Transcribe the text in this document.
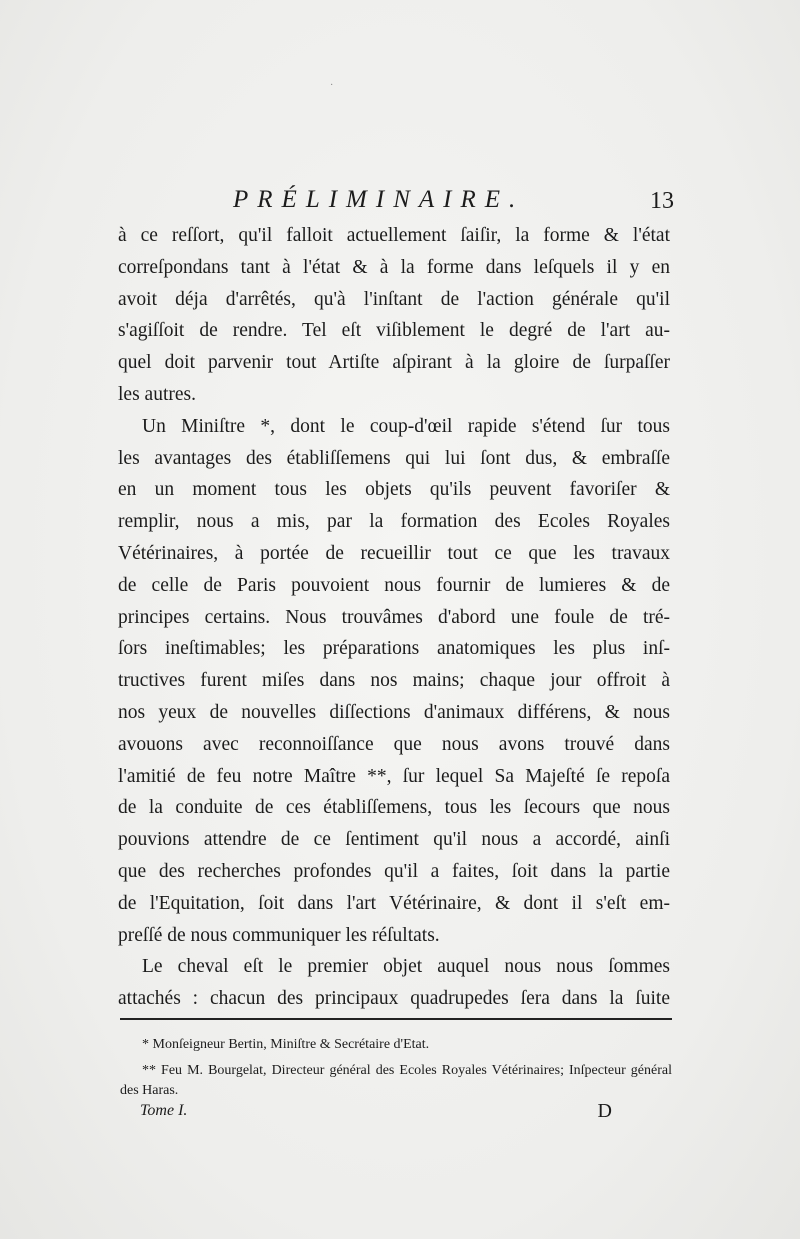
·
PRÉLIMINAIRE.	13

à ce reſſort, qu'il falloit actuellement ſaiſir, la forme & l'état

correſpondans tant à l'état & à la forme dans leſquels il y en

avoit déja d'arrêtés, qu'à l'inſtant de l'action générale qu'il

s'agiſſoit de rendre. Tel eſt viſiblement le degré de l'art au-

quel doit parvenir tout Artiſte aſpirant à la gloire de ſurpaſſer

les autres.

Un Miniſtre *, dont le coup-d'œil rapide s'étend ſur tous

les avantages des établiſſemens qui lui ſont dus, & embraſſe

en un moment tous les objets qu'ils peuvent favoriſer &

remplir, nous a mis, par la formation des Ecoles Royales

Vétérinaires, à portée de recueillir tout ce que les travaux

de celle de Paris pouvoient nous fournir de lumieres & de

principes certains. Nous trouvâmes d'abord une foule de tré-

ſors ineſtimables; les préparations anatomiques les plus inſ-

tructives furent miſes dans nos mains; chaque jour offroit à

nos yeux de nouvelles diſſections d'animaux différens, & nous

avouons avec reconnoiſſance que nous avons trouvé dans

l'amitié de feu notre Maître **, ſur lequel Sa Majeſté ſe repoſa

de la conduite de ces établiſſemens, tous les ſecours que nous

pouvions attendre de ce ſentiment qu'il nous a accordé, ainſi

que des recherches profondes qu'il a faites, ſoit dans la partie

de l'Equitation, ſoit dans l'art Vétérinaire, & dont il s'eſt em-

preſſé de nous communiquer les réſultats.

Le cheval eſt le premier objet auquel nous nous ſommes

attachés : chacun des principaux quadrupedes ſera dans la ſuite

* Monſeigneur Bertin, Miniſtre & Secrétaire d'Etat.

** Feu M. Bourgelat, Directeur général des Ecoles Royales Vétérinaires; Inſpecteur général des Haras.

Tome I.	D
